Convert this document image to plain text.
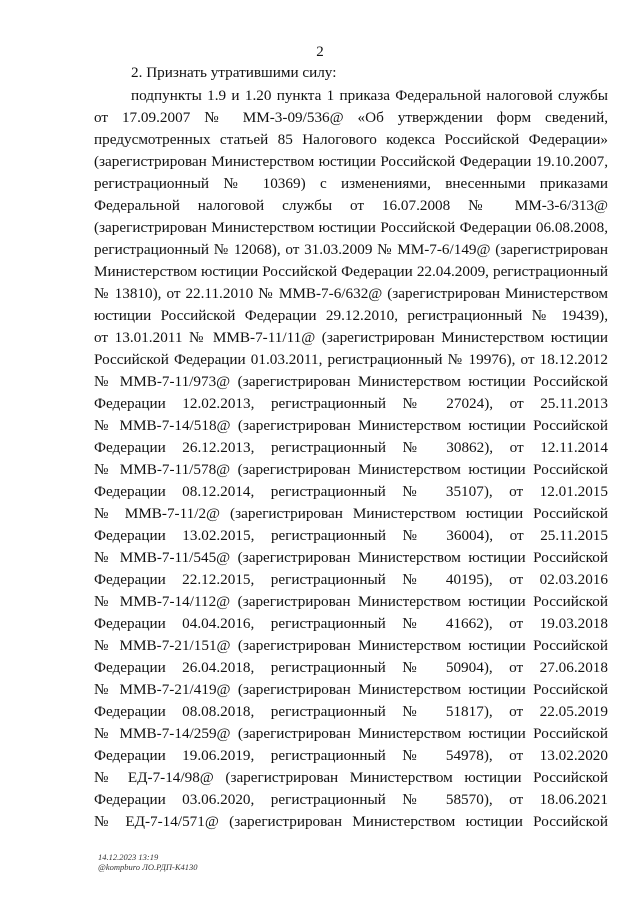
2
2. Признать утратившими силу:
подпункты 1.9 и 1.20 пункта 1 приказа Федеральной налоговой службы
от 17.09.2007 № ММ-3-09/536@ «Об утверждении форм сведений,
предусмотренных статьей 85 Налогового кодекса Российской Федерации»
(зарегистрирован Министерством юстиции Российской Федерации 19.10.2007,
регистрационный № 10369) с изменениями, внесенными приказами
Федеральной налоговой службы от 16.07.2008 № ММ-3-6/313@
(зарегистрирован Министерством юстиции Российской Федерации 06.08.2008,
регистрационный № 12068), от 31.03.2009 № ММ-7-6/149@ (зарегистрирован
Министерством юстиции Российской Федерации 22.04.2009, регистрационный
№ 13810), от 22.11.2010 № ММВ-7-6/632@ (зарегистрирован Министерством
юстиции Российской Федерации 29.12.2010, регистрационный № 19439),
от 13.01.2011 № ММВ-7-11/11@ (зарегистрирован Министерством юстиции
Российской Федерации 01.03.2011, регистрационный № 19976), от 18.12.2012
№ ММВ-7-11/973@ (зарегистрирован Министерством юстиции Российской
Федерации 12.02.2013, регистрационный № 27024), от 25.11.2013
№ ММВ-7-14/518@ (зарегистрирован Министерством юстиции Российской
Федерации 26.12.2013, регистрационный № 30862), от 12.11.2014
№ ММВ-7-11/578@ (зарегистрирован Министерством юстиции Российской
Федерации 08.12.2014, регистрационный № 35107), от 12.01.2015
№ ММВ-7-11/2@ (зарегистрирован Министерством юстиции Российской
Федерации 13.02.2015, регистрационный № 36004), от 25.11.2015
№ ММВ-7-11/545@ (зарегистрирован Министерством юстиции Российской
Федерации 22.12.2015, регистрационный № 40195), от 02.03.2016
№ ММВ-7-14/112@ (зарегистрирован Министерством юстиции Российской
Федерации 04.04.2016, регистрационный № 41662), от 19.03.2018
№ ММВ-7-21/151@ (зарегистрирован Министерством юстиции Российской
Федерации 26.04.2018, регистрационный № 50904), от 27.06.2018
№ ММВ-7-21/419@ (зарегистрирован Министерством юстиции Российской
Федерации 08.08.2018, регистрационный № 51817), от 22.05.2019
№ ММВ-7-14/259@ (зарегистрирован Министерством юстиции Российской
Федерации 19.06.2019, регистрационный № 54978), от 13.02.2020
№ ЕД-7-14/98@ (зарегистрирован Министерством юстиции Российской
Федерации 03.06.2020, регистрационный № 58570), от 18.06.2021
№ ЕД-7-14/571@ (зарегистрирован Министерством юстиции Российской
14.12.2023 13:19
@kompburo ЛО.РДП-К4130
